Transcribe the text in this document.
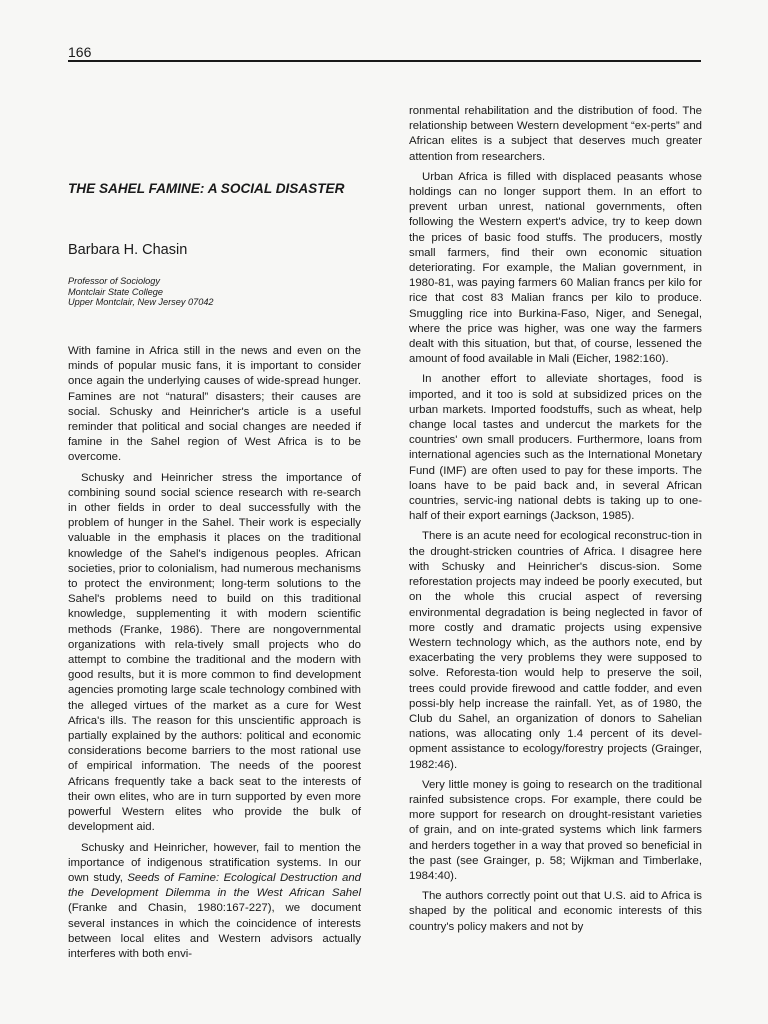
166
THE SAHEL FAMINE: A SOCIAL DISASTER
Barbara H. Chasin
Professor of Sociology
Montclair State College
Upper Montclair, New Jersey 07042

With famine in Africa still in the news and even on the minds of popular music fans, it is important to consider once again the underlying causes of wide-spread hunger. Famines are not “natural” disasters; their causes are social. Schusky and Heinricher's article is a useful reminder that political and social changes are needed if famine in the Sahel region of West Africa is to be overcome.

Schusky and Heinricher stress the importance of combining sound social science research with re-search in other fields in order to deal successfully with the problem of hunger in the Sahel. Their work is especially valuable in the emphasis it places on the traditional knowledge of the Sahel's indigenous peoples. African societies, prior to colonialism, had numerous mechanisms to protect the environment; long-term solutions to the Sahel's problems need to build on this traditional knowledge, supplementing it with modern scientific methods (Franke, 1986). There are nongovernmental organizations with rela-tively small projects who do attempt to combine the traditional and the modern with good results, but it is more common to find development agencies promoting large scale technology combined with the alleged virtues of the market as a cure for West Africa's ills. The reason for this unscientific approach is partially explained by the authors: political and economic considerations become barriers to the most rational use of empirical information. The needs of the poorest Africans frequently take a back seat to the interests of their own elites, who are in turn supported by even more powerful Western elites who provide the bulk of development aid.

Schusky and Heinricher, however, fail to mention the importance of indigenous stratification systems. In our own study, Seeds of Famine: Ecological Destruction and the Development Dilemma in the West African Sahel (Franke and Chasin, 1980:167-227), we document several instances in which the coincidence of interests between local elites and Western advisors actually interferes with both envi-

ronmental rehabilitation and the distribution of food. The relationship between Western development “ex-perts” and African elites is a subject that deserves much greater attention from researchers.

Urban Africa is filled with displaced peasants whose holdings can no longer support them. In an effort to prevent urban unrest, national governments, often following the Western expert's advice, try to keep down the prices of basic food stuffs. The producers, mostly small farmers, find their own economic situation deteriorating. For example, the Malian government, in 1980-81, was paying farmers 60 Malian francs per kilo for rice that cost 83 Malian francs per kilo to produce. Smuggling rice into Burkina-Faso, Niger, and Senegal, where the price was higher, was one way the farmers dealt with this situation, but that, of course, lessened the amount of food available in Mali (Eicher, 1982:160).

In another effort to alleviate shortages, food is imported, and it too is sold at subsidized prices on the urban markets. Imported foodstuffs, such as wheat, help change local tastes and undercut the markets for the countries' own small producers. Furthermore, loans from international agencies such as the International Monetary Fund (IMF) are often used to pay for these imports. The loans have to be paid back and, in several African countries, servic-ing national debts is taking up to one-half of their export earnings (Jackson, 1985).

There is an acute need for ecological reconstruc-tion in the drought-stricken countries of Africa. I disagree here with Schusky and Heinricher's discus-sion. Some reforestation projects may indeed be poorly executed, but on the whole this crucial aspect of reversing environmental degradation is being neglected in favor of more costly and dramatic projects using expensive Western technology which, as the authors note, end by exacerbating the very problems they were supposed to solve. Reforesta-tion would help to preserve the soil, trees could provide firewood and cattle fodder, and even possi-bly help increase the rainfall. Yet, as of 1980, the Club du Sahel, an organization of donors to Sahelian nations, was allocating only 1.4 percent of its devel-opment assistance to ecology/forestry projects (Grainger, 1982:46).

Very little money is going to research on the traditional rainfed subsistence crops. For example, there could be more support for research on drought-resistant varieties of grain, and on inte-grated systems which link farmers and herders together in a way that proved so beneficial in the past (see Grainger, p. 58; Wijkman and Timberlake, 1984:40).

The authors correctly point out that U.S. aid to Africa is shaped by the political and economic interests of this country's policy makers and not by
